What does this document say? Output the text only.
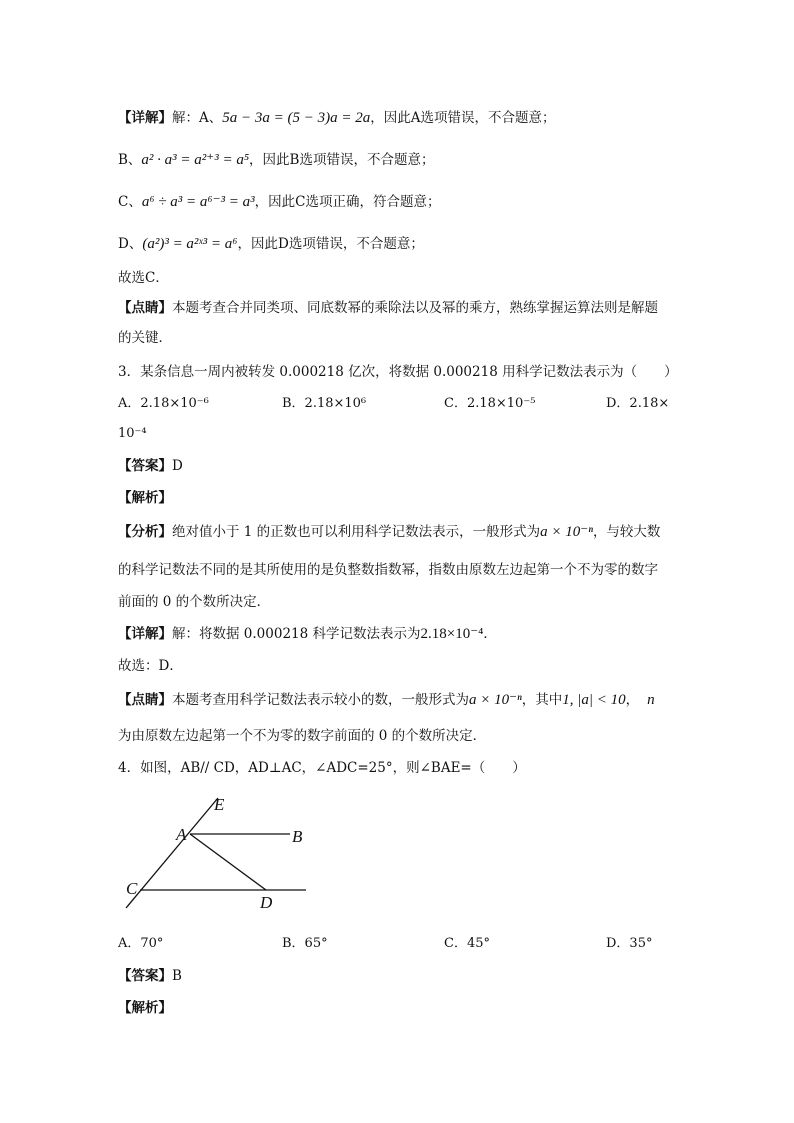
【详解】解：A、5a − 3a = (5 − 3)a = 2a，因此A选项错误，不合题意；
B、a² · a³ = a²⁺³ = a⁵，因此B选项错误，不合题意；
C、a⁶ ÷ a³ = a⁶⁻³ = a³，因此C选项正确，符合题意；
D、(a²)³ = a²ˣ³ = a⁶，因此D选项错误，不合题意；
故选C．
【点睛】本题考查合并同类项、同底数幂的乘除法以及幂的乘方，熟练掌握运算法则是解题
的关键．
3．某条信息一周内被转发 0.000218 亿次，将数据 0.000218 用科学记数法表示为（　　）
A．2.18×10⁻⁶	B．2.18×10⁶	C．2.18×10⁻⁵	D．2.18×
10⁻⁴
【答案】D
【解析】
【分析】绝对值小于 1 的正数也可以利用科学记数法表示，一般形式为a × 10⁻ⁿ，与较大数
的科学记数法不同的是其所使用的是负整数指数幂，指数由原数左边起第一个不为零的数字
前面的 0 的个数所决定．
【详解】解：将数据 0.000218 科学记数法表示为2.18×10⁻⁴．
故选：D．
【点睛】本题考查用科学记数法表示较小的数，一般形式为a × 10⁻ⁿ，其中1, |a| < 10， n
为由原数左边起第一个不为零的数字前面的 0 的个数所决定．
4．如图，AB// CD，AD⊥AC，∠ADC=25°，则∠BAE=（　　）
E
A	B
C
D
A．70°	B．65°	C．45°	D．35°
【答案】B
【解析】
